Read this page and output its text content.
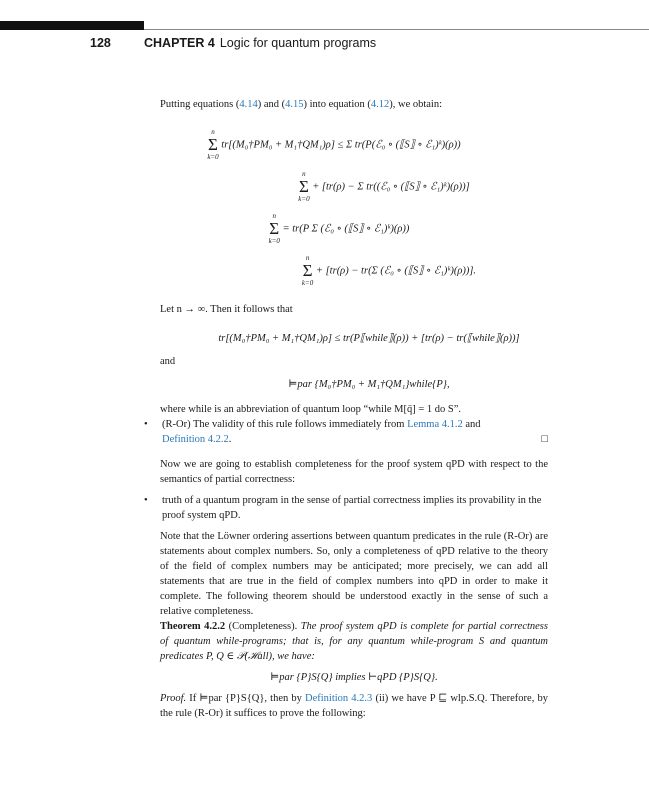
128	CHAPTER 4 Logic for quantum programs

Putting equations (4.14) and (4.15) into equation (4.12), we obtain:

n
Σ
k=0
tr[(M₀†PM₀ + M₁†QM₁)ρ] ≤ Σ tr(P(ℰ₀ ∘ (⟦S⟧ ∘ ℰ₁)ᵏ)(ρ))
n
Σ
k=0
+ [tr(ρ) − Σ tr((ℰ₀ ∘ (⟦S⟧ ∘ ℰ₁)ᵏ)(ρ))]
n
Σ
k=0
= tr(P Σ (ℰ₀ ∘ (⟦S⟧ ∘ ℰ₁)ᵏ)(ρ))
n
Σ
k=0
+ [tr(ρ) − tr(Σ (ℰ₀ ∘ (⟦S⟧ ∘ ℰ₁)ᵏ)(ρ))].

Let n → ∞. Then it follows that

tr[(M₀†PM₀ + M₁†QM₁)ρ] ≤ tr(P⟦while⟧(ρ)) + [tr(ρ) − tr(⟦while⟧(ρ))]

and

⊨par {M₀†PM₀ + M₁†QM₁}while{P},

where while is an abbreviation of quantum loop “while M[q̄] = 1 do S”.

• (R-Or) The validity of this rule follows immediately from Lemma 4.1.2 and
Definition 4.2.2.	□

Now we are going to establish completeness for the proof system qPD with respect to the semantics of partial correctness:

• truth of a quantum program in the sense of partial correctness implies its provability in the proof system qPD.

Note that the Löwner ordering assertions between quantum predicates in the rule (R-Or) are statements about complex numbers. So, only a completeness of qPD relative to the theory of the field of complex numbers may be anticipated; more precisely, we can add all statements that are true in the field of complex numbers into qPD in order to make it complete. The following theorem should be understood exactly in the sense of such a relative completeness.

Theorem 4.2.2 (Completeness). The proof system qPD is complete for partial correctness of quantum while-programs; that is, for any quantum while-program S and quantum predicates P, Q ∈ 𝒫(ℋall), we have:

⊨par {P}S{Q} implies ⊢qPD {P}S{Q}.

Proof. If ⊨par {P}S{Q}, then by Definition 4.2.3 (ii) we have P ⊑ wlp.S.Q. Therefore, by the rule (R-Or) it suffices to prove the following:
